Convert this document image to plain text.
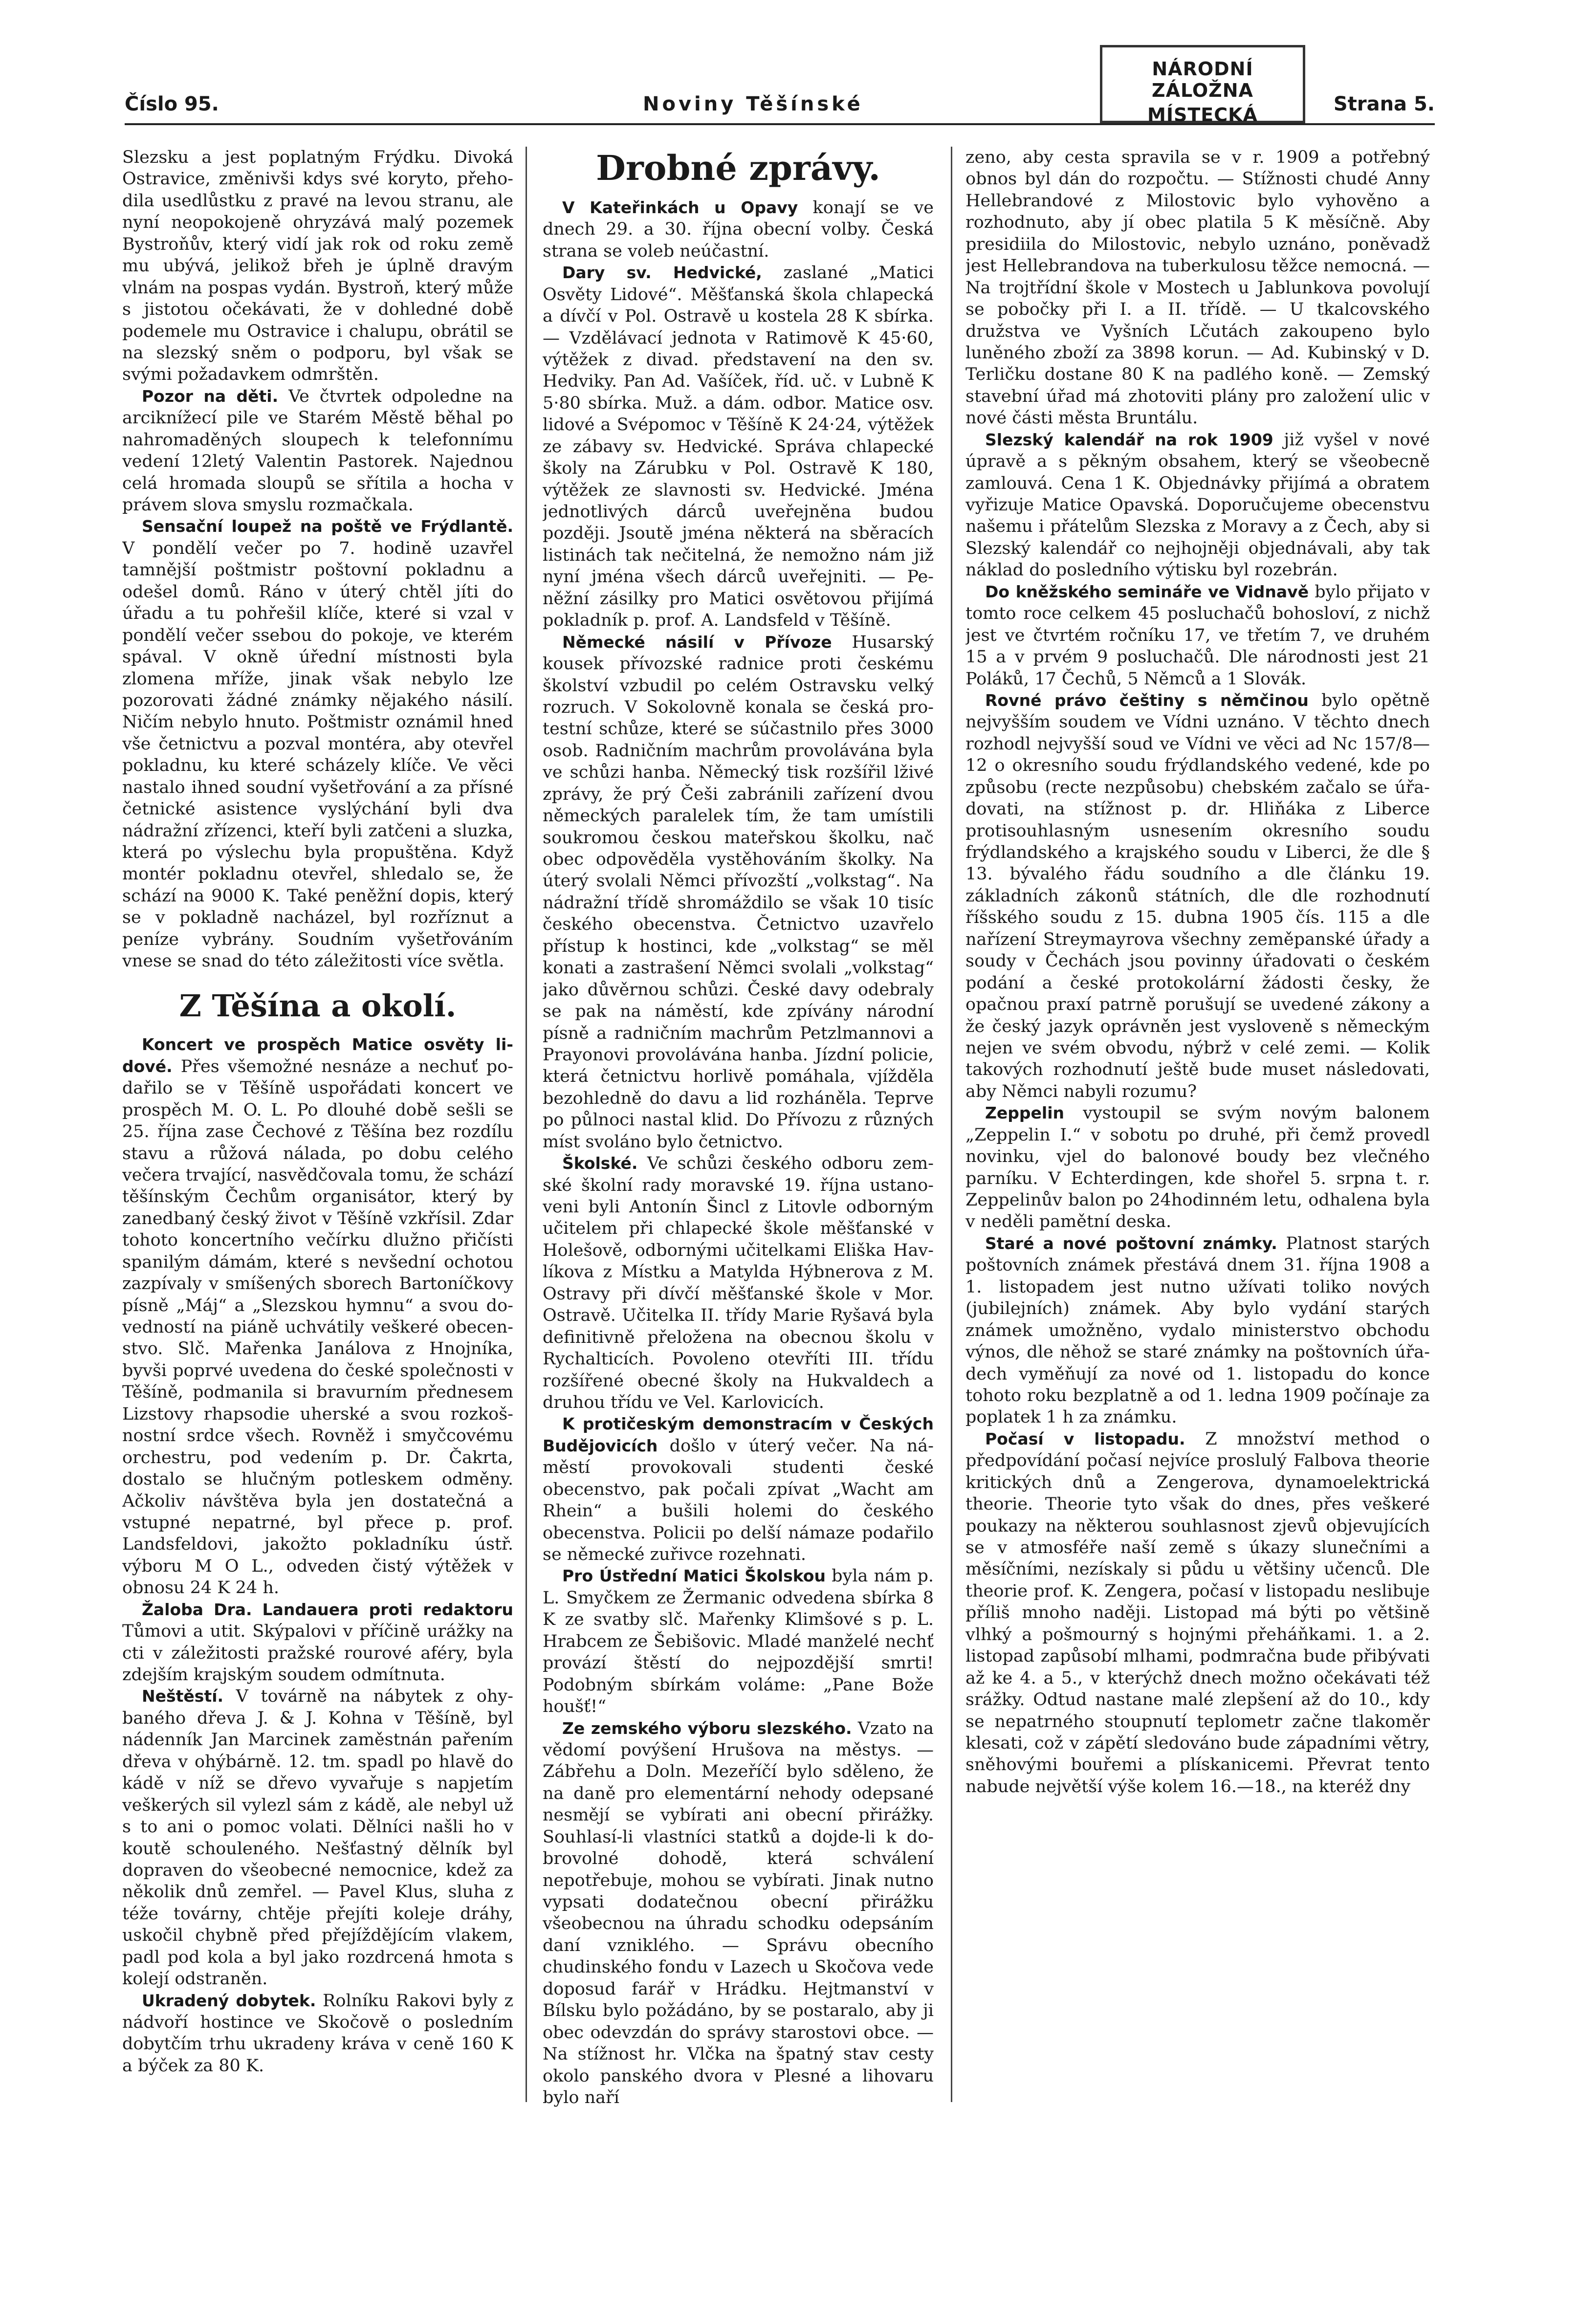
Číslo 95.	Noviny Těšínské	Strana 5.
NÁRODNÍ ZÁLOŽNA
MÍSTECKÁ

Slezsku a jest poplatným Frýdku. Divoká Ostravice, změnivši kdys své koryto, přehodila usedlůstku z pravé na levou stranu, ale nyní neopokojeně ohryzává malý pozemek Bystroňův, který vidí jak rok od roku země mu ubývá, jelikož břeh je úplně dravým vlnám na pospas vydán. Bystroň, který může s jistotou očekávati, že v dohledné době podemele mu Ostravice i chalupu, obrátil se na slezský sněm o podporu, byl však se svými požadavkem odmrštěn.

Pozor na děti. Ve čtvrtek odpoledne na arciknížecí pile ve Starém Městě běhal po nahromaděných sloupech k telefonnímu vedení 12letý Valentin Pastorek. Najednou celá hromada sloupů se sřítila a hocha v právem slova smyslu rozmačkala.

Sensační loupež na poště ve Frýdlantě. V pondělí večer po 7. hodině uzavřel tamnější poštmistr poštovní pokladnu a odešel domů. Ráno v úterý chtěl jíti do úřadu a tu pohřešil klíče, které si vzal v pondělí večer ssebou do pokoje, ve kterém spával. V okně úřední místnosti byla zlomena mříže, jinak však nebylo lze pozorovati žádné známky nějakého násilí. Ničím nebylo hnuto. Poštmistr oznámil hned vše četnictvu a pozval montéra, aby otevřel pokladnu, ku které scházely klíče. Ve věci nastalo ihned soudní vyšetřování a za přísné četnické asistence vyslýchání byli dva nádražní zřízenci, kteří byli zatčeni a sluzka, která po výslechu byla propuštěna. Když montér pokladnu otevřel, shledalo se, že schází na 9000 K. Také peněžní dopis, který se v pokladně nacházel, byl rozříznut a peníze vybrány. Soudním vyšetřováním vnese se snad do této záležitosti více světla.

Z Těšína a okolí.

Koncert ve prospěch Matice osvěty lidové. Přes všemožné nesnáze a nechuť podařilo se v Těšíně uspořádati koncert ve prospěch M. O. L. Po dlouhé době sešli se 25. října zase Čechové z Těšína bez rozdílu stavu a růžová nálada, po dobu celého večera trvající, nasvědčovala tomu, že schází těšínským Čechům organisátor, který by zanedbaný český život v Těšíně vzkřísil. Zdar tohoto koncertního večírku dlužno přičísti spanilým dámám, které s nevšední ochotou zazpívaly v smíšených sborech Bartoníčkovy písně „Máj“ a „Slezskou hymnu“ a svou dovedností na piáně uchvátily veškeré obecenstvo. Slč. Mařenka Janálova z Hnojníka, byvši poprvé uvedena do české společnosti v Těšíně, podmanila si bravurním přednesem Lizstovy rhapsodie uherské a svou rozkošnostní srdce všech. Rovněž i smyčcovému orchestru, pod vedením p. Dr. Čakrta, dostalo se hlučným potleskem odměny. Ačkoliv návštěva byla jen dostatečná a vstupné nepatrné, byl přece p. prof. Landsfeldovi, jakožto pokladníku ústř. výboru M O L., odveden čistý výtěžek v obnosu 24 K 24 h.

Žaloba Dra. Landauera proti redaktoru Tůmovi a utit. Skýpalovi v příčině urážky na cti v záležitosti pražské rourové aféry, byla zdejším krajským soudem odmítnuta.

Neštěstí. V továrně na nábytek z ohybaného dřeva J. & J. Kohna v Těšíně, byl nádenník Jan Marcinek zaměstnán pařením dřeva v ohýbárně. 12. tm. spadl po hlavě do kádě v níž se dřevo vyvařuje s napjetím veškerých sil vylezl sám z kádě, ale nebyl už s to ani o pomoc volati. Dělníci našli ho v koutě schouleného. Nešťastný dělník byl dopraven do všeobecné nemocnice, kdež za několik dnů zemřel. — Pavel Klus, sluha z téže továrny, chtěje přejíti koleje dráhy, uskočil chybně před přejíždějícím vlakem, padl pod kola a byl jako rozdrcená hmota s kolejí odstraněn.

Ukradený dobytek. Rolníku Rakovi byly z nádvoří hostince ve Skočově o posledním dobytčím trhu ukradeny kráva v ceně 160 K a býček za 80 K.

Drobné zprávy.

V Kateřinkách u Opavy konají se ve dnech 29. a 30. října obecní volby. Česká strana se voleb neúčastní.

Dary sv. Hedvické, zaslané „Matici Osvěty Lidové“. Měšťanská škola chlapecká a dívčí v Pol. Ostravě u kostela 28 K sbírka. — Vzdělávací jednota v Ratimově K 45·60, výtěžek z divad. představení na den sv. Hedviky. Pan Ad. Vašíček, říd. uč. v Lubně K 5·80 sbírka. Muž. a dám. odbor. Matice osv. lidové a Svépomoc v Těšíně K 24·24, výtěžek ze zábavy sv. Hedvické. Správa chlapecké školy na Zárubku v Pol. Ostravě K 180, výtěžek ze slavnosti sv. Hedvické. Jména jednotlivých dárců uveřejněna budou později. Jsoutě jména některá na sběracích listinách tak nečitelná, že nemožno nám již nyní jména všech dárců uveřejniti. — Peněžní zásilky pro Matici osvětovou přijímá pokladník p. prof. A. Landsfeld v Těšíně.

Německé násilí v Přívoze Husarský kousek přívozské radnice proti českému školství vzbudil po celém Ostravsku velký rozruch. V Sokolovně konala se česká protestní schůze, které se súčastnilo přes 3000 osob. Radničním machrům provolávána byla ve schůzi hanba. Německý tisk rozšířil lživé zprávy, že prý Češi zabránili zařízení dvou německých paralelek tím, že tam umístili soukromou českou mateřskou školku, nač obec odpověděla vystěhováním školky. Na úterý svolali Němci přívozští „volkstag“. Na nádražní třídě shromáždilo se však 10 tisíc českého obecenstva. Četnictvo uzavřelo přístup k hostinci, kde „volkstag“ se měl konati a zastrašení Němci svolali „volkstag“ jako důvěrnou schůzi. České davy odebraly se pak na náměstí, kde zpívány národní písně a radničním machrům Petzlmannovi a Prayonovi provolávána hanba. Jízdní policie, která četnictvu horlivě pomáhala, vjížděla bezohledně do davu a lid rozháněla. Teprve po půlnoci nastal klid. Do Přívozu z různých míst svoláno bylo četnictvo.

Školské. Ve schůzi českého odboru zemské školní rady moravské 19. října ustanoveni byli Antonín Šincl z Litovle odborným učitelem při chlapecké škole měšťanské v Holešově, odbornými učitelkami Eliška Havlíkova z Místku a Matylda Hýbnerova z M. Ostravy při dívčí měšťanské škole v Mor. Ostravě. Učitelka II. třídy Marie Ryšavá byla definitivně přeložena na obecnou školu v Rychalticích. Povoleno otevříti III. třídu rozšířené obecné školy na Hukvaldech a druhou třídu ve Vel. Karlovicích.

K protičeským demonstracím v Českých Budějovicích došlo v úterý večer. Na náměstí provokovali studenti české obecenstvo, pak počali zpívat „Wacht am Rhein“ a bušili holemi do českého obecenstva. Policii po delší námaze podařilo se německé zuřivce rozehnati.

Pro Ústřední Matici Školskou byla nám p. L. Smyčkem ze Žermanic odvedena sbírka 8 K ze svatby slč. Mařenky Klimšové s p. L. Hrabcem ze Šebišovic. Mladé manželé nechť provází štěstí do nejpozdější smrti! Podobným sbírkám voláme: „Pane Bože houšť!“

Ze zemského výboru slezského. Vzato na vědomí povýšení Hrušova na městys. — Zábřehu a Doln. Mezeříčí bylo sděleno, že na daně pro elementární nehody odepsané nesmějí se vybírati ani obecní přirážky. Souhlasí-li vlastníci statků a dojde-li k dobrovolné dohodě, která schválení nepotřebuje, mohou se vybírati. Jinak nutno vypsati dodatečnou obecní přirážku všeobecnou na úhradu schodku odepsáním daní vzniklého. — Správu obecního chudinského fondu v Lazech u Skočova vede doposud farář v Hrádku. Hejtmanství v Bílsku bylo požádáno, by se postaralo, aby ji obec odevzdán do správy starostovi obce. — Na stížnost hr. Vlčka na špatný stav cesty okolo panského dvora v Plesné a lihovaru bylo naří

zeno, aby cesta spravila se v r. 1909 a potřebný obnos byl dán do rozpočtu. — Stížnosti chudé Anny Hellebrandové z Milostovic bylo vyhověno a rozhodnuto, aby jí obec platila 5 K měsíčně. Aby presidiila do Milostovic, nebylo uznáno, poněvadž jest Hellebrandova na tuberkulosu těžce nemocná. — Na trojtřídní škole v Mostech u Jablunkova povolují se pobočky při I. a II. třídě. — U tkalcovského družstva ve Vyšních Lčutách zakoupeno bylo luněného zboží za 3898 korun. — Ad. Kubinský v D. Terličku dostane 80 K na padlého koně. — Zemský stavební úřad má zhotoviti plány pro založení ulic v nové části města Bruntálu.

Slezský kalendář na rok 1909 již vyšel v nové úpravě a s pěkným obsahem, který se všeobecně zamlouvá. Cena 1 K. Objednávky přijímá a obratem vyřizuje Matice Opavská. Doporučujeme obecenstvu našemu i přátelům Slezska z Moravy a z Čech, aby si Slezský kalendář co nejhojněji objednávali, aby tak náklad do posledního výtisku byl rozebrán.

Do kněžského semináře ve Vidnavě bylo přijato v tomto roce celkem 45 posluchačů bohosloví, z nichž jest ve čtvrtém ročníku 17, ve třetím 7, ve druhém 15 a v prvém 9 posluchačů. Dle národnosti jest 21 Poláků, 17 Čechů, 5 Němců a 1 Slovák.

Rovné právo češtiny s němčinou bylo opětně nejvyšším soudem ve Vídni uznáno. V těchto dnech rozhodl nejvyšší soud ve Vídni ve věci ad Nc 157/8—12 o okresního soudu frýdlandského vedené, kde po způsobu (recte nezpůsobu) chebském začalo se úřadovati, na stížnost p. dr. Hliňáka z Liberce protisouhlasným usnesením okresního soudu frýdlandského a krajského soudu v Liberci, že dle § 13. bývalého řádu soudního a dle článku 19. základních zákonů státních, dle dle rozhodnutí říšského soudu z 15. dubna 1905 čís. 115 a dle nařízení Streymayrova všechny zeměpanské úřady a soudy v Čechách jsou povinny úřadovati o českém podání a české protokolární žádosti česky, že opačnou praxí patrně porušují se uvedené zákony a že český jazyk oprávněn jest vysloveně s německým nejen ve svém obvodu, nýbrž v celé zemi. — Kolik takových rozhodnutí ještě bude muset následovati, aby Němci nabyli rozumu?

Zeppelin vystoupil se svým novým balonem „Zeppelin I.“ v sobotu po druhé, při čemž provedl novinku, vjel do balonové boudy bez vlečného parníku. V Echterdingen, kde shořel 5. srpna t. r. Zeppelinův balon po 24hodinném letu, odhalena byla v neděli pamětní deska.

Staré a nové poštovní známky. Platnost starých poštovních známek přestává dnem 31. října 1908 a 1. listopadem jest nutno užívati toliko nových (jubilejních) známek. Aby bylo vydání starých známek umožněno, vydalo ministerstvo obchodu výnos, dle něhož se staré známky na poštovních úřadech vyměňují za nové od 1. listopadu do konce tohoto roku bezplatně a od 1. ledna 1909 počínaje za poplatek 1 h za známku.

Počasí v listopadu. Z množství method o předpovídání počasí nejvíce proslulý Falbova theorie kritických dnů a Zengerova, dynamoelektrická theorie. Theorie tyto však do dnes, přes veškeré poukazy na některou souhlasnost zjevů objevujících se v atmosféře naší země s úkazy slunečními a měsíčními, nezískaly si půdu u většiny učenců. Dle theorie prof. K. Zengera, počasí v listopadu neslibuje příliš mnoho naději. Listopad má býti po většině vlhký a pošmourný s hojnými přeháňkami. 1. a 2. listopad zapůsobí mlhami, podmračna bude přibývati až ke 4. a 5., v kterýchž dnech možno očekávati též srážky. Odtud nastane malé zlepšení až do 10., kdy se nepatrného stoupnutí teplometr začne tlakoměr klesati, což v zápětí sledováno bude západními větry, sněhovými bouřemi a plískanicemi. Převrat tento nabude největší výše kolem 16.—18., na kteréž dny
